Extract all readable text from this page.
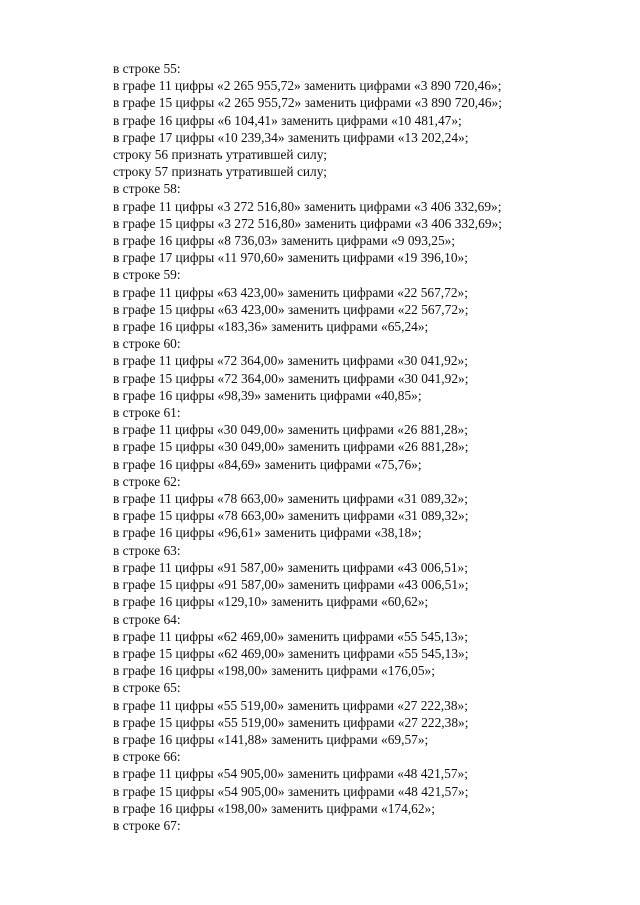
в строке 55:
в графе 11 цифры «2 265 955,72» заменить цифрами «3 890 720,46»;
в графе 15 цифры «2 265 955,72» заменить цифрами «3 890 720,46»;
в графе 16 цифры «6 104,41» заменить цифрами «10 481,47»;
в графе 17 цифры «10 239,34» заменить цифрами «13 202,24»;
строку 56 признать утратившей силу;
строку 57 признать утратившей силу;
в строке 58:
в графе 11 цифры «3 272 516,80» заменить цифрами «3 406 332,69»;
в графе 15 цифры «3 272 516,80» заменить цифрами «3 406 332,69»;
в графе 16 цифры «8 736,03» заменить цифрами «9 093,25»;
в графе 17 цифры «11 970,60» заменить цифрами «19 396,10»;
в строке 59:
в графе 11 цифры «63 423,00» заменить цифрами «22 567,72»;
в графе 15 цифры «63 423,00» заменить цифрами «22 567,72»;
в графе 16 цифры «183,36» заменить цифрами «65,24»;
в строке 60:
в графе 11 цифры «72 364,00» заменить цифрами «30 041,92»;
в графе 15 цифры «72 364,00» заменить цифрами «30 041,92»;
в графе 16 цифры «98,39» заменить цифрами «40,85»;
в строке 61:
в графе 11 цифры «30 049,00» заменить цифрами «26 881,28»;
в графе 15 цифры «30 049,00» заменить цифрами «26 881,28»;
в графе 16 цифры «84,69» заменить цифрами «75,76»;
в строке 62:
в графе 11 цифры «78 663,00» заменить цифрами «31 089,32»;
в графе 15 цифры «78 663,00» заменить цифрами «31 089,32»;
в графе 16 цифры «96,61» заменить цифрами «38,18»;
в строке 63:
в графе 11 цифры «91 587,00» заменить цифрами «43 006,51»;
в графе 15 цифры «91 587,00» заменить цифрами «43 006,51»;
в графе 16 цифры «129,10» заменить цифрами «60,62»;
в строке 64:
в графе 11 цифры «62 469,00» заменить цифрами «55 545,13»;
в графе 15 цифры «62 469,00» заменить цифрами «55 545,13»;
в графе 16 цифры «198,00» заменить цифрами «176,05»;
в строке 65:
в графе 11 цифры «55 519,00» заменить цифрами «27 222,38»;
в графе 15 цифры «55 519,00» заменить цифрами «27 222,38»;
в графе 16 цифры «141,88» заменить цифрами «69,57»;
в строке 66:
в графе 11 цифры «54 905,00» заменить цифрами «48 421,57»;
в графе 15 цифры «54 905,00» заменить цифрами «48 421,57»;
в графе 16 цифры «198,00» заменить цифрами «174,62»;
в строке 67:
